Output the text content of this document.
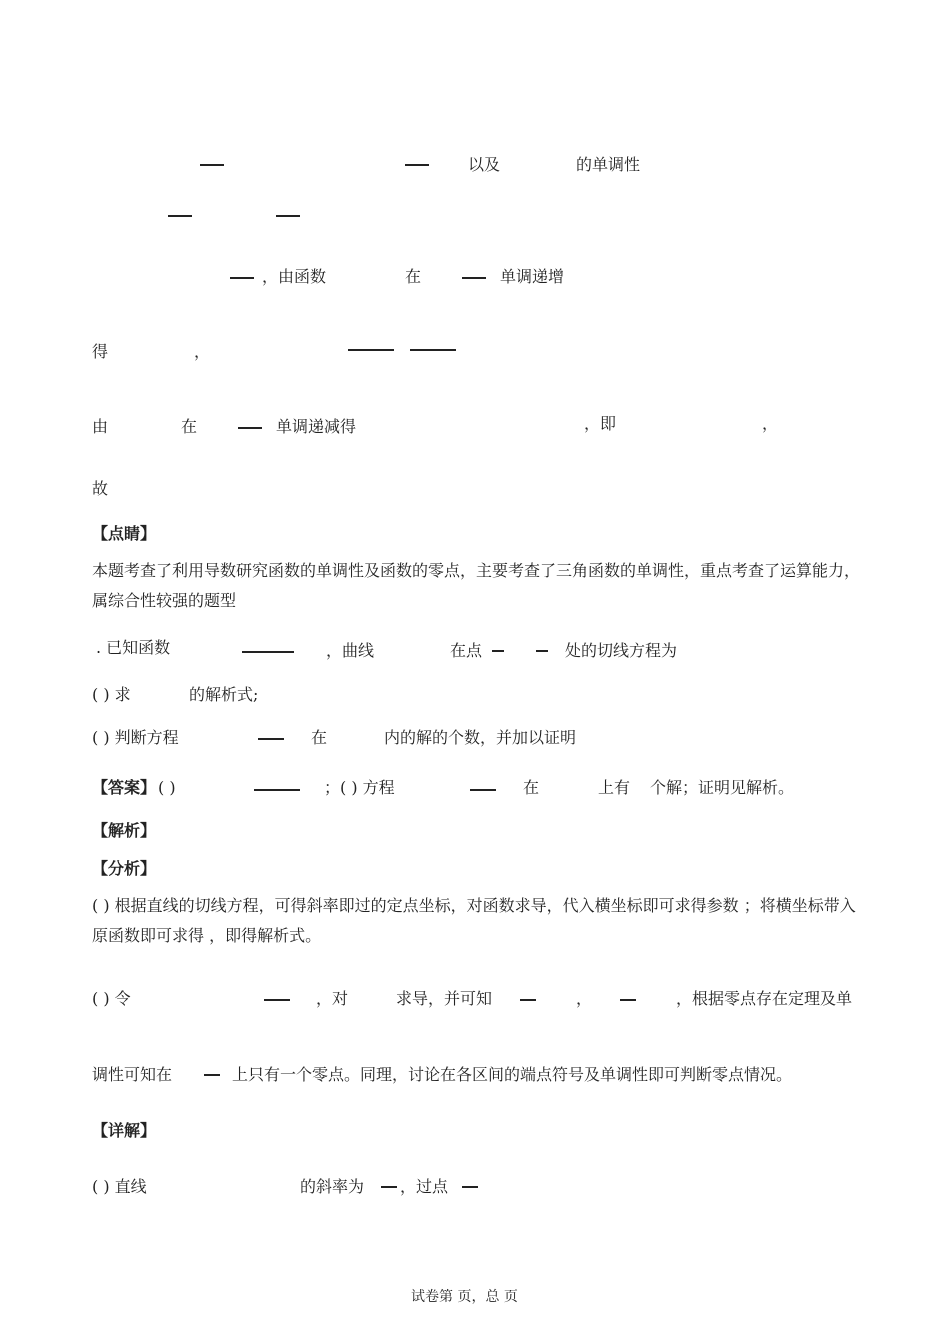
以及	的单调性
，由函数	在	单调递增
得	，
由	在	单调递减得	，即	，
故
【点睛】
本题考查了利用导数研究函数的单调性及函数的零点，主要考查了三角函数的单调性，重点考查了运算能力，属综合性较强的题型
. 已知函数	，曲线	在点	处的切线方程为
( ) 求	的解析式;
( ) 判断方程	在	内的解的个数，并加以证明
【答案】 ( )	；( ) 方程	在	上有 个解；证明见解析。
【解析】
【分析】
( ) 根据直线的切线方程，可得斜率即过的定点坐标，对函数求导，代入横坐标即可求得参数 ；将横坐标带入原函数即可求得 ，即得解析式。
( ) 令	，对	求导，并可知	，	，根据零点存在定理及单
调性可知在	上只有一个零点。同理，讨论在各区间的端点符号及单调性即可判断零点情况。
【详解】
( ) 直线	的斜率为 ，过点
试卷第 页，总 页
